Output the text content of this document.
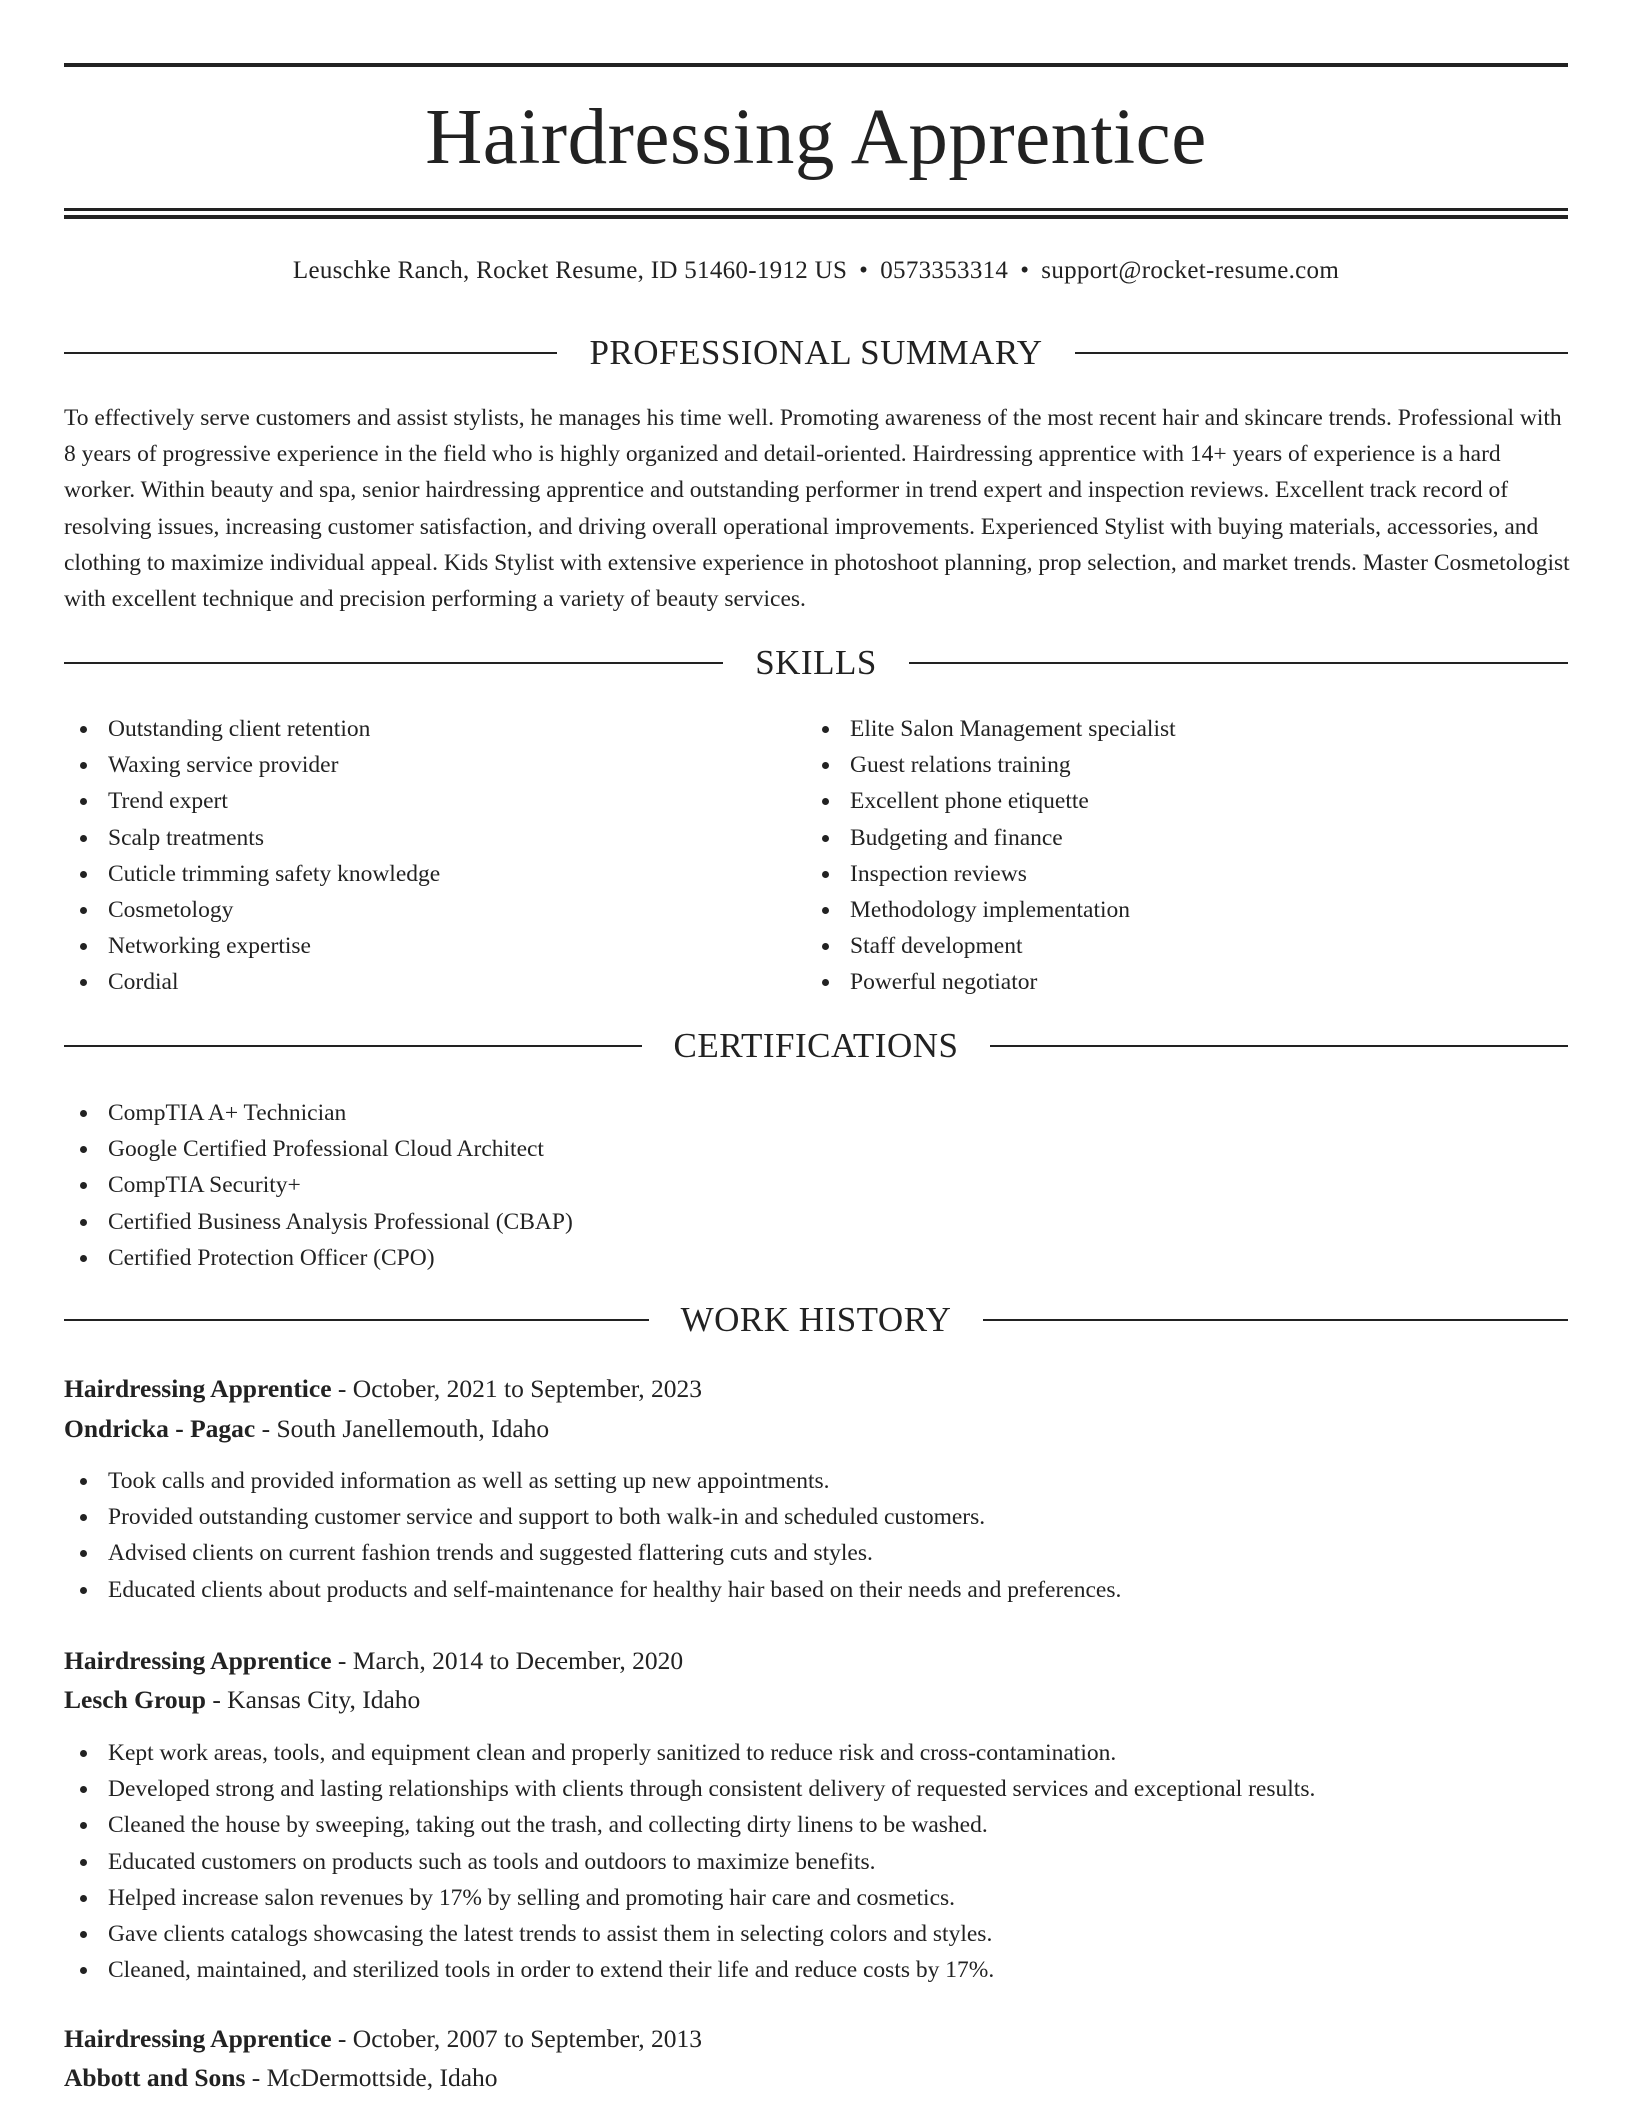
Hairdressing Apprentice
Leuschke Ranch, Rocket Resume, ID 51460-1912 US • 0573353314 • support@rocket-resume.com
PROFESSIONAL SUMMARY

To effectively serve customers and assist stylists, he manages his time well. Promoting awareness of the most recent hair and skincare trends. Professional with 8 years of progressive experience in the field who is highly organized and detail-oriented. Hairdressing apprentice with 14+ years of experience is a hard worker. Within beauty and spa, senior hairdressing apprentice and outstanding performer in trend expert and inspection reviews. Excellent track record of resolving issues, increasing customer satisfaction, and driving overall operational improvements. Experienced Stylist with buying materials, accessories, and clothing to maximize individual appeal. Kids Stylist with extensive experience in photoshoot planning, prop selection, and market trends. Master Cosmetologist with excellent technique and precision performing a variety of beauty services.

SKILLS
Outstanding client retention
Waxing service provider
Trend expert
Scalp treatments
Cuticle trimming safety knowledge
Cosmetology
Networking expertise
Cordial
Elite Salon Management specialist
Guest relations training
Excellent phone etiquette
Budgeting and finance
Inspection reviews
Methodology implementation
Staff development
Powerful negotiator
CERTIFICATIONS
CompTIA A+ Technician
Google Certified Professional Cloud Architect
CompTIA Security+
Certified Business Analysis Professional (CBAP)
Certified Protection Officer (CPO)
WORK HISTORY
Hairdressing Apprentice - October, 2021 to September, 2023
Ondricka - Pagac - South Janellemouth, Idaho
Took calls and provided information as well as setting up new appointments.
Provided outstanding customer service and support to both walk-in and scheduled customers.
Advised clients on current fashion trends and suggested flattering cuts and styles.
Educated clients about products and self-maintenance for healthy hair based on their needs and preferences.
Hairdressing Apprentice - March, 2014 to December, 2020
Lesch Group - Kansas City, Idaho
Kept work areas, tools, and equipment clean and properly sanitized to reduce risk and cross-contamination.
Developed strong and lasting relationships with clients through consistent delivery of requested services and exceptional results.
Cleaned the house by sweeping, taking out the trash, and collecting dirty linens to be washed.
Educated customers on products such as tools and outdoors to maximize benefits.
Helped increase salon revenues by 17% by selling and promoting hair care and cosmetics.
Gave clients catalogs showcasing the latest trends to assist them in selecting colors and styles.
Cleaned, maintained, and sterilized tools in order to extend their life and reduce costs by 17%.
Hairdressing Apprentice - October, 2007 to September, 2013
Abbott and Sons - McDermottside, Idaho
